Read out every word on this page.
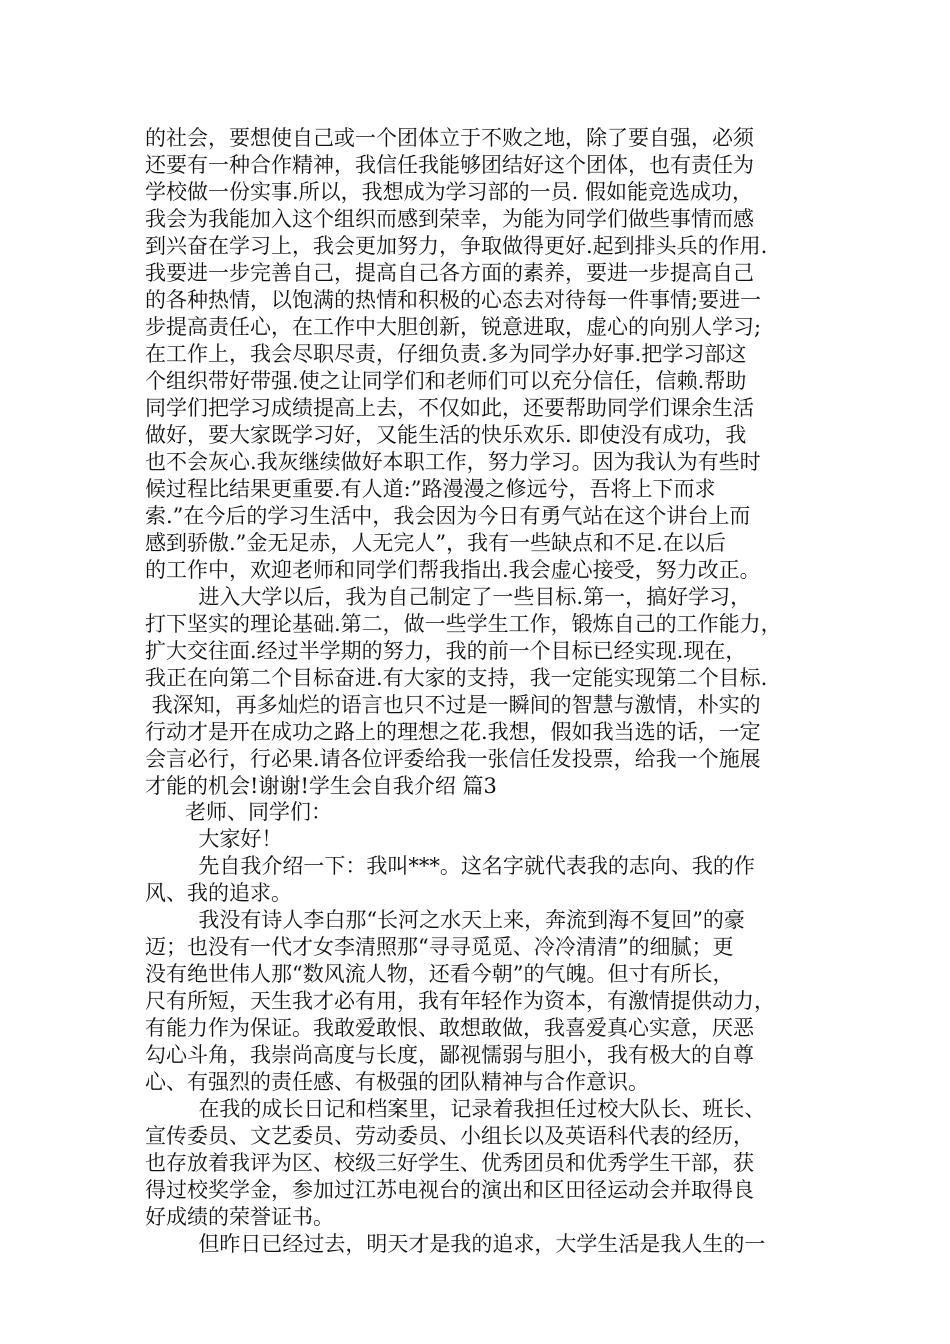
的社会，要想使自己或一个团体立于不败之地，除了要自强，必须
还要有一种合作精神，我信任我能够团结好这个团体，也有责任为
学校做一份实事.所以，我想成为学习部的一员. 假如能竞选成功，
我会为我能加入这个组织而感到荣幸，为能为同学们做些事情而感
到兴奋在学习上，我会更加努力，争取做得更好.起到排头兵的作用.
我要进一步完善自己，提高自己各方面的素养，要进一步提高自己
的各种热情，以饱满的热情和积极的心态去对待每一件事情;要进一
步提高责任心，在工作中大胆创新，锐意进取，虚心的向别人学习;
在工作上，我会尽职尽责，仔细负责.多为同学办好事.把学习部这
个组织带好带强.使之让同学们和老师们可以充分信任，信赖.帮助
同学们把学习成绩提高上去，不仅如此，还要帮助同学们课余生活
做好，要大家既学习好，又能生活的快乐欢乐. 即使没有成功，我
也不会灰心.我灰继续做好本职工作，努力学习。因为我认为有些时
候过程比结果更重要.有人道:”路漫漫之修远兮，吾将上下而求
索.”在今后的学习生活中，我会因为今日有勇气站在这个讲台上而
感到骄傲.”金无足赤，人无完人”，我有一些缺点和不足.在以后
的工作中，欢迎老师和同学们帮我指出.我会虚心接受，努力改正。
进入大学以后，我为自己制定了一些目标.第一，搞好学习，
打下坚实的理论基础.第二，做一些学生工作，锻炼自己的工作能力，
扩大交往面.经过半学期的努力，我的前一个目标已经实现.现在，
我正在向第二个目标奋进.有大家的支持，我一定能实现第二个目标.
我深知，再多灿烂的语言也只不过是一瞬间的智慧与激情，朴实的
行动才是开在成功之路上的理想之花.我想，假如我当选的话，一定
会言必行，行必果.请各位评委给我一张信任发投票，给我一个施展
才能的机会!谢谢!学生会自我介绍 篇3
老师、同学们：
大家好！
先自我介绍一下：我叫***。这名字就代表我的志向、我的作
风、我的追求。
我没有诗人李白那“长河之水天上来，奔流到海不复回”的豪
迈；也没有一代才女李清照那“寻寻觅觅、冷冷清清”的细腻；更
没有绝世伟人那“数风流人物，还看今朝”的气魄。但寸有所长，
尺有所短，天生我才必有用，我有年轻作为资本，有激情提供动力，
有能力作为保证。我敢爱敢恨、敢想敢做，我喜爱真心实意，厌恶
勾心斗角，我崇尚高度与长度，鄙视懦弱与胆小，我有极大的自尊
心、有强烈的责任感、有极强的团队精神与合作意识。
在我的成长日记和档案里，记录着我担任过校大队长、班长、
宣传委员、文艺委员、劳动委员、小组长以及英语科代表的经历，
也存放着我评为区、校级三好学生、优秀团员和优秀学生干部，获
得过校奖学金，参加过江苏电视台的演出和区田径运动会并取得良
好成绩的荣誉证书。
但昨日已经过去，明天才是我的追求，大学生活是我人生的一
